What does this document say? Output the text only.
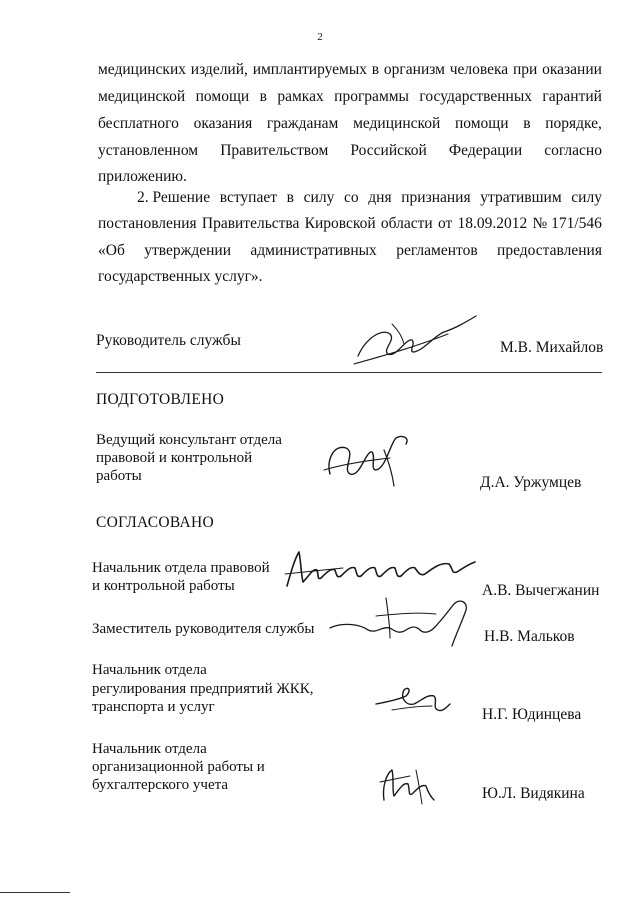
2
медицинских изделий, имплантируемых в организм человека при оказании
медицинской помощи в рамках программы государственных гарантий
бесплатного оказания гражданам медицинской помощи в порядке,
установленном Правительством Российской Федерации согласно
приложению.
2. Решение вступает в силу со дня признания утратившим силу
постановления Правительства Кировской области от 18.09.2012 № 171/546
«Об утверждении административных регламентов предоставления
государственных услуг».
Руководитель службы	М.В. Михайлов
ПОДГОТОВЛЕНО
Ведущий консультант отдела
правовой и контрольной
работы	Д.А. Уржумцев
СОГЛАСОВАНО
Начальник отдела правовой
и контрольной работы	А.В. Вычегжанин
Заместитель руководителя службы	Н.В. Мальков
Начальник отдела
регулирования предприятий ЖКК,
транспорта и услуг	Н.Г. Юдинцева
Начальник отдела
организационной работы и
бухгалтерского учета	Ю.Л. Видякина
